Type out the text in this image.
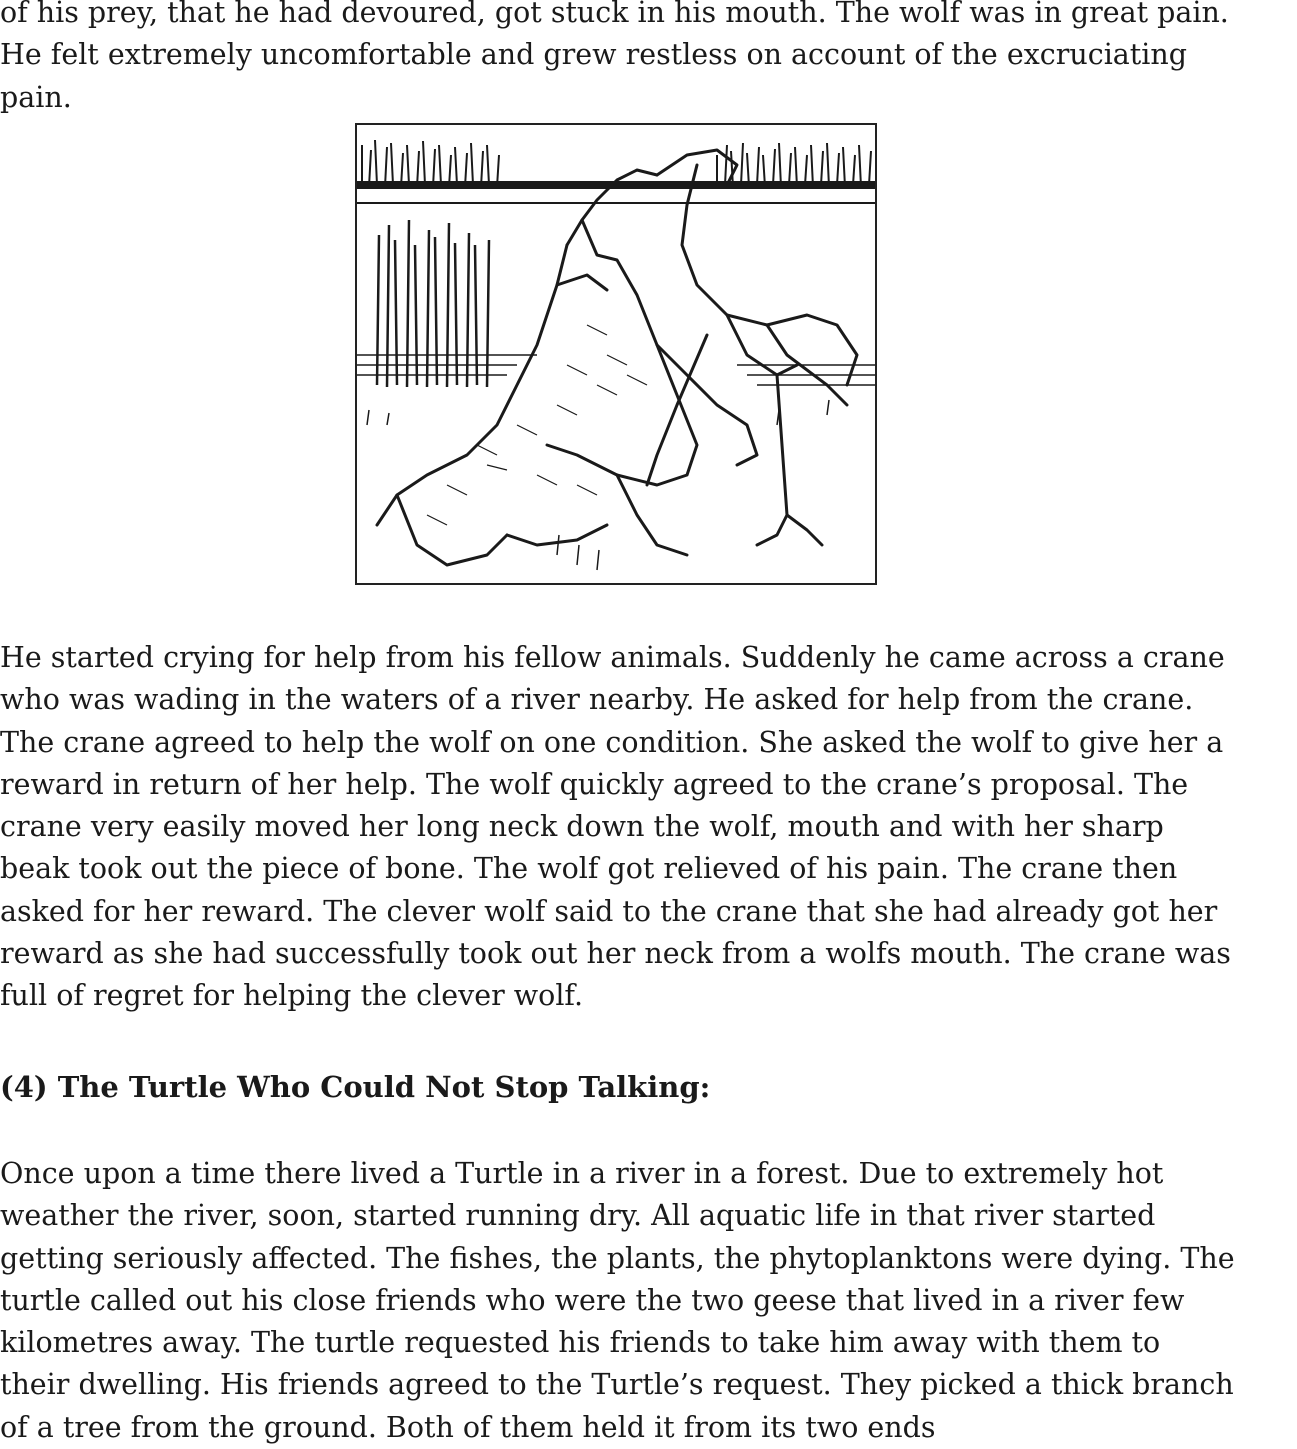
of his prey, that he had devoured, got stuck in his mouth. The wolf was in great pain.
He felt extremely uncomfortable and grew restless on account of the excruciating
pain.

He started crying for help from his fellow animals. Suddenly he came across a crane
who was wading in the waters of a river nearby. He asked for help from the crane.
The crane agreed to help the wolf on one condition. She asked the wolf to give her a
reward in return of her help. The wolf quickly agreed to the crane’s proposal. The
crane very easily moved her long neck down the wolf, mouth and with her sharp
beak took out the piece of bone. The wolf got relieved of his pain. The crane then
asked for her reward. The clever wolf said to the crane that she had already got her
reward as she had successfully took out her neck from a wolfs mouth. The crane was
full of regret for helping the clever wolf.

(4) The Turtle Who Could Not Stop Talking:

Once upon a time there lived a Turtle in a river in a forest. Due to extremely hot
weather the river, soon, started running dry. All aquatic life in that river started
getting seriously affected. The fishes, the plants, the phytoplanktons were dying. The
turtle called out his close friends who were the two geese that lived in a river few
kilometres away. The turtle requested his friends to take him away with them to
their dwelling. His friends agreed to the Turtle’s request. They picked a thick branch
of a tree from the ground. Both of them held it from its two ends
